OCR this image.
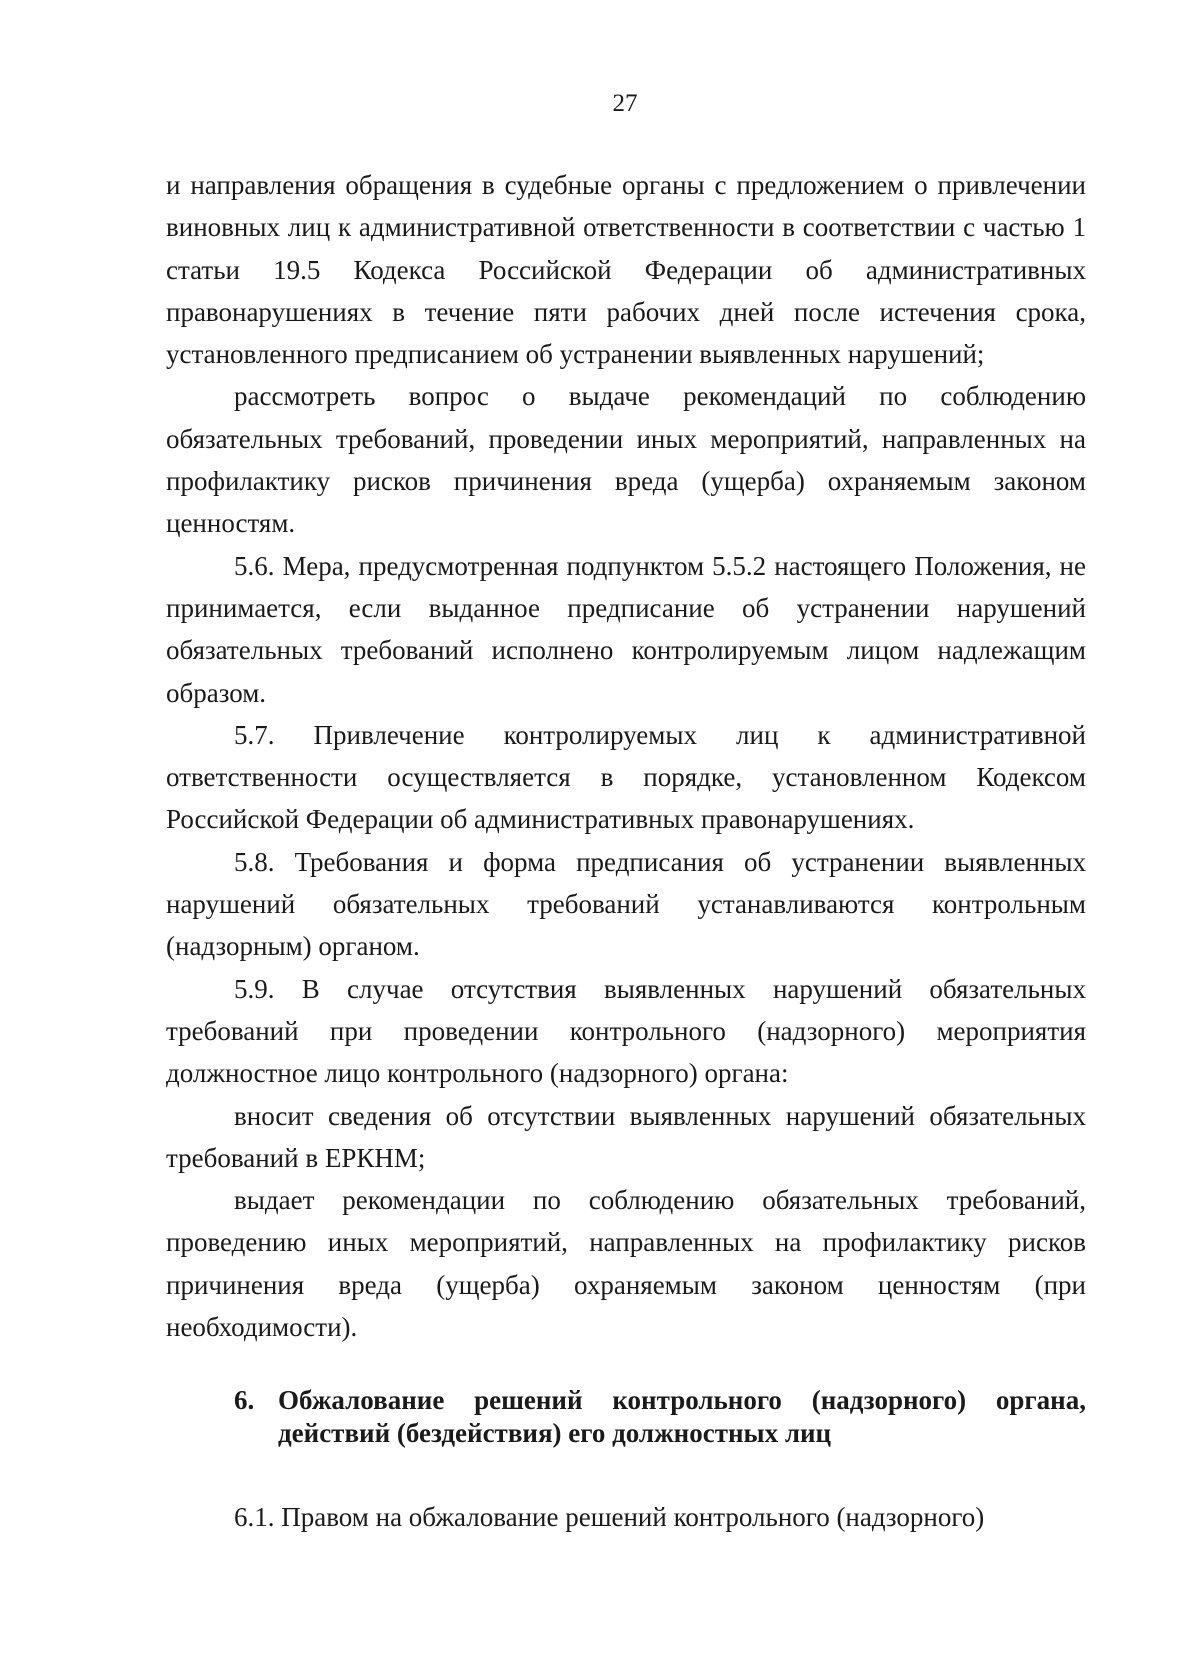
27

и направления обращения в судебные органы с предложением о привлечении виновных лиц к административной ответственности в соответствии с частью 1 статьи 19.5 Кодекса Российской Федерации об административных правонарушениях в течение пяти рабочих дней после истечения срока, установленного предписанием об устранении выявленных нарушений;

рассмотреть вопрос о выдаче рекомендаций по соблюдению обязательных требований, проведении иных мероприятий, направленных на профилактику рисков причинения вреда (ущерба) охраняемым законом ценностям.

5.6. Мера, предусмотренная подпунктом 5.5.2 настоящего Положения, не принимается, если выданное предписание об устранении нарушений обязательных требований исполнено контролируемым лицом надлежащим образом.

5.7. Привлечение контролируемых лиц к административной ответственности осуществляется в порядке, установленном Кодексом Российской Федерации об административных правонарушениях.

5.8. Требования и форма предписания об устранении выявленных нарушений обязательных требований устанавливаются контрольным (надзорным) органом.

5.9. В случае отсутствия выявленных нарушений обязательных требований при проведении контрольного (надзорного) мероприятия должностное лицо контрольного (надзорного) органа:

вносит сведения об отсутствии выявленных нарушений обязательных требований в ЕРКНМ;

выдает рекомендации по соблюдению обязательных требований, проведению иных мероприятий, направленных на профилактику рисков причинения вреда (ущерба) охраняемым законом ценностям (при необходимости).

6. Обжалование решений контрольного (надзорного) органа, действий (бездействия) его должностных лиц

6.1. Правом на обжалование решений контрольного (надзорного)
